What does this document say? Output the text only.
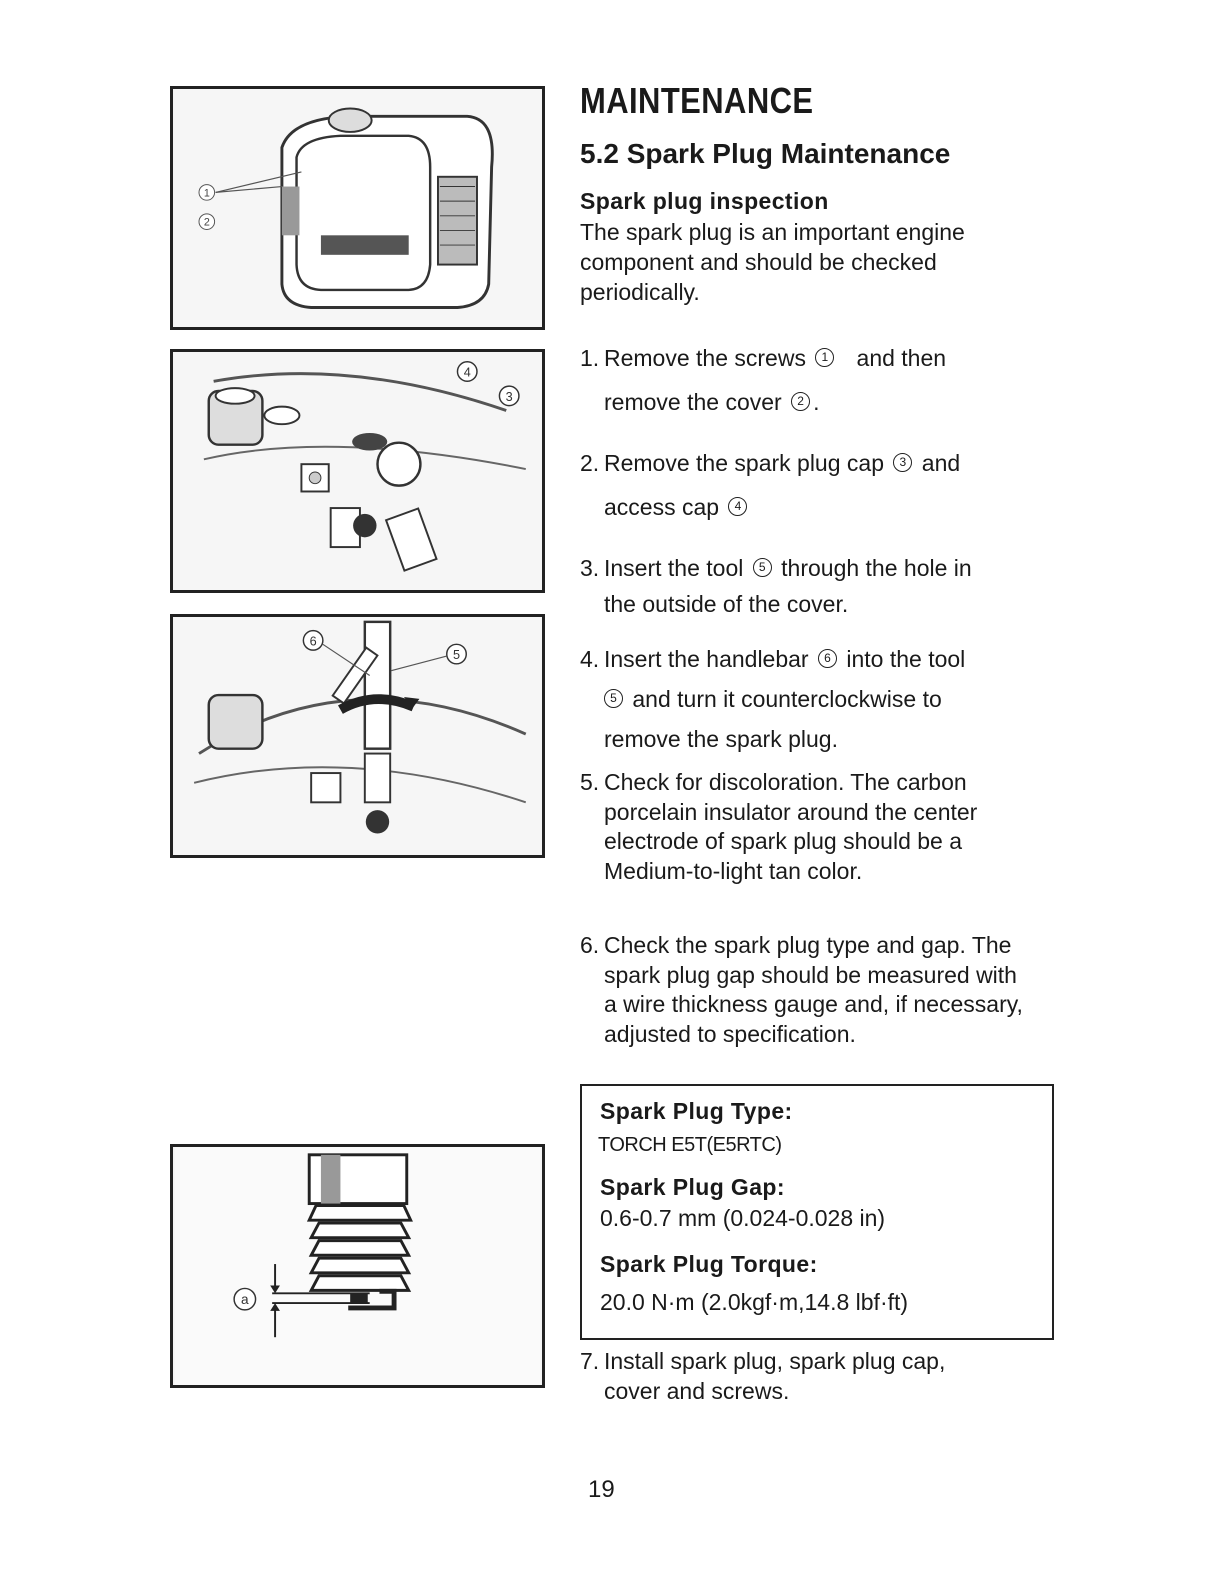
1
2
4
3
6
5
a
MAINTENANCE
5.2 Spark Plug Maintenance
Spark plug inspection
The spark plug is an important engine component and should be checked periodically.
1. Remove the screws 1 and then
remove the cover 2 .
2. Remove the spark plug cap 3 and
access cap 4
3. Insert the tool 5 through the hole in
the outside of the cover.
4. Insert the handlebar 6 into the tool
5 and turn it counterclockwise to
remove the spark plug.
5. Check for discoloration. The carbon porcelain insulator around the center electrode of spark plug should be a Medium-to-light tan color.
6. Check the spark plug type and gap. The spark plug gap should be measured with a wire thickness gauge and, if necessary, adjusted to specification.
7. Install spark plug, spark plug cap, cover and screws.
Spark Plug Type:
TORCH E5T(E5RTC)
Spark Plug Gap:
0.6-0.7 mm (0.024-0.028 in)
Spark Plug Torque:
20.0 N·m (2.0kgf·m,14.8 lbf·ft)
19
